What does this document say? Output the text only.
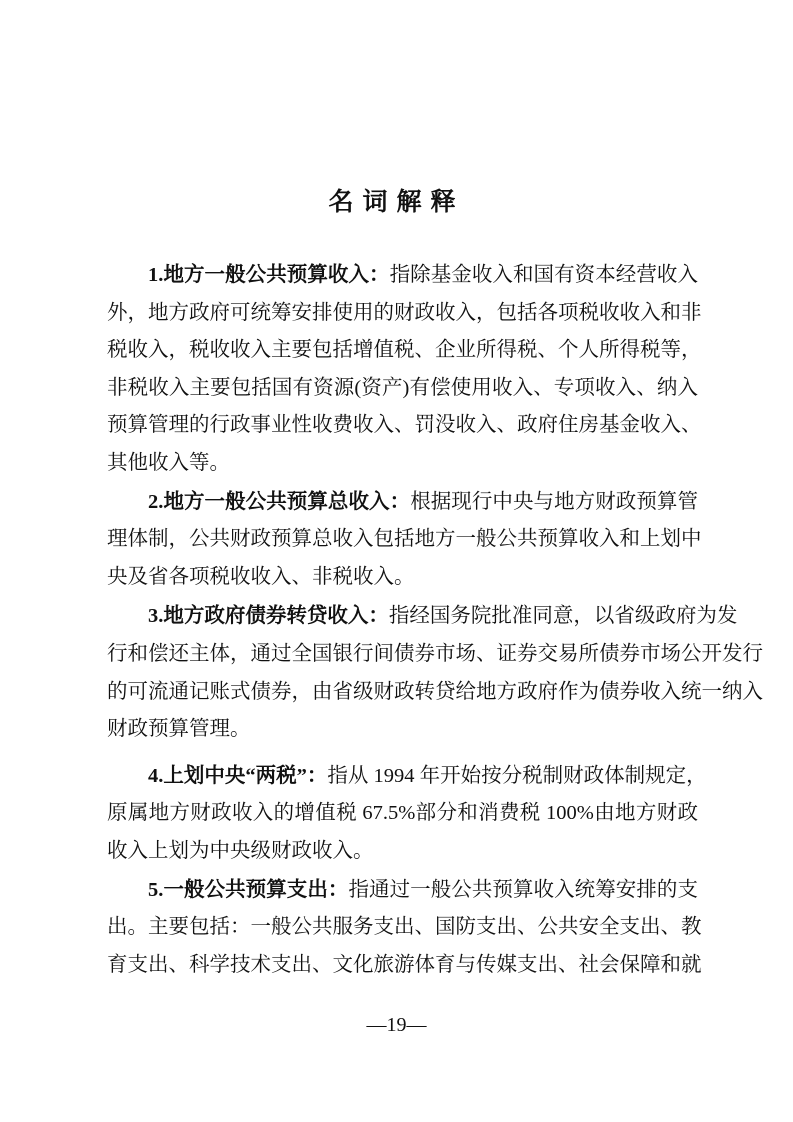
名词解释
1.地方一般公共预算收入：指除基金收入和国有资本经营收入
外，地方政府可统筹安排使用的财政收入，包括各项税收收入和非
税收入，税收收入主要包括增值税、企业所得税、个人所得税等，
非税收入主要包括国有资源(资产)有偿使用收入、专项收入、纳入
预算管理的行政事业性收费收入、罚没收入、政府住房基金收入、
其他收入等。
2.地方一般公共预算总收入：根据现行中央与地方财政预算管
理体制，公共财政预算总收入包括地方一般公共预算收入和上划中
央及省各项税收收入、非税收入。
3.地方政府债券转贷收入：指经国务院批准同意，以省级政府为发
行和偿还主体，通过全国银行间债券市场、证券交易所债券市场公开发行
的可流通记账式债券，由省级财政转贷给地方政府作为债券收入统一纳入
财政预算管理。
4.上划中央“两税”：指从 1994 年开始按分税制财政体制规定，
原属地方财政收入的增值税 67.5%部分和消费税 100%由地方财政
收入上划为中央级财政收入。
5.一般公共预算支出：指通过一般公共预算收入统筹安排的支
出。主要包括：一般公共服务支出、国防支出、公共安全支出、教
育支出、科学技术支出、文化旅游体育与传媒支出、社会保障和就
—19—
